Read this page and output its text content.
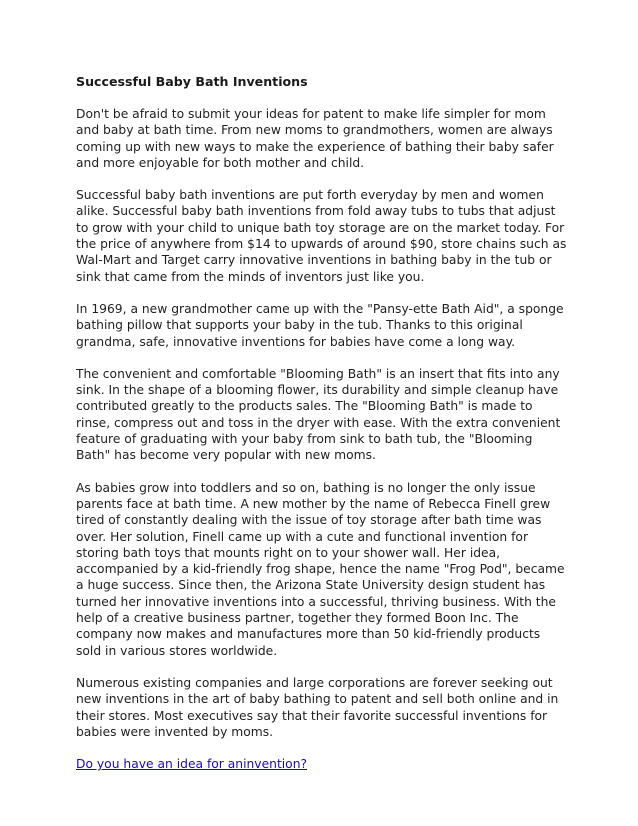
Successful Baby Bath Inventions

Don't be afraid to submit your ideas for patent to make life simpler for mom and baby at bath time. From new moms to grandmothers, women are always coming up with new ways to make the experience of bathing their baby safer and more enjoyable for both mother and child.

Successful baby bath inventions are put forth everyday by men and women alike. Successful baby bath inventions from fold away tubs to tubs that adjust to grow with your child to unique bath toy storage are on the market today. For the price of anywhere from $14 to upwards of around $90, store chains such as Wal-Mart and Target carry innovative inventions in bathing baby in the tub or sink that came from the minds of inventors just like you.

In 1969, a new grandmother came up with the "Pansy-ette Bath Aid", a sponge bathing pillow that supports your baby in the tub. Thanks to this original grandma, safe, innovative inventions for babies have come a long way.

The convenient and comfortable "Blooming Bath" is an insert that fits into any sink. In the shape of a blooming flower, its durability and simple cleanup have contributed greatly to the products sales. The "Blooming Bath" is made to rinse, compress out and toss in the dryer with ease. With the extra convenient feature of graduating with your baby from sink to bath tub, the "Blooming Bath" has become very popular with new moms.

As babies grow into toddlers and so on, bathing is no longer the only issue parents face at bath time. A new mother by the name of Rebecca Finell grew tired of constantly dealing with the issue of toy storage after bath time was over. Her solution, Finell came up with a cute and functional invention for storing bath toys that mounts right on to your shower wall. Her idea, accompanied by a kid-friendly frog shape, hence the name "Frog Pod", became a huge success. Since then, the Arizona State University design student has turned her innovative inventions into a successful, thriving business. With the help of a creative business partner, together they formed Boon Inc. The company now makes and manufactures more than 50 kid-friendly products sold in various stores worldwide.

Numerous existing companies and large corporations are forever seeking out new inventions in the art of baby bathing to patent and sell both online and in their stores. Most executives say that their favorite successful inventions for babies were invented by moms.

Do you have an idea for aninvention?
